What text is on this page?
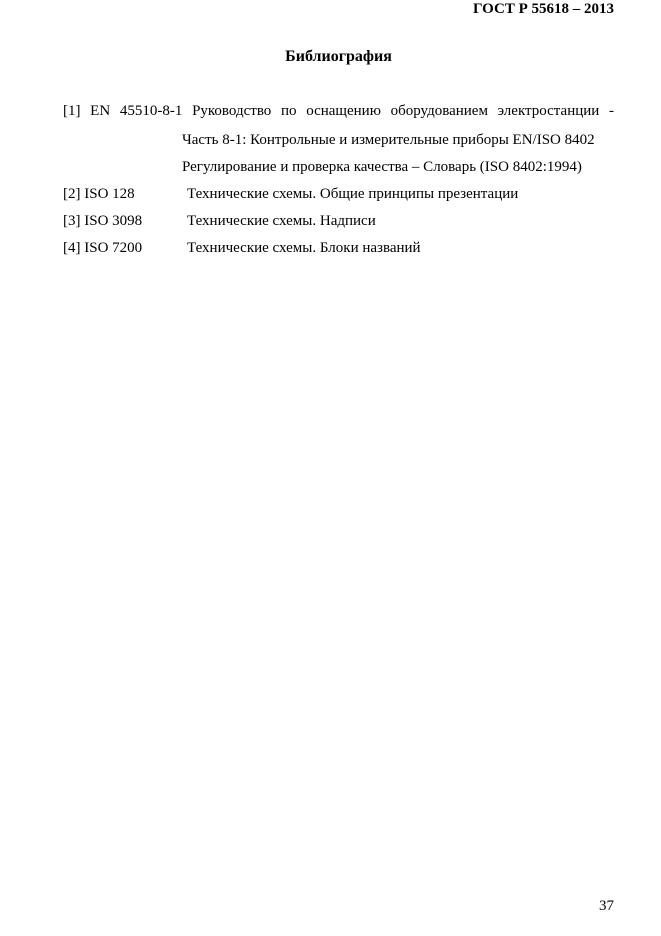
ГОСТ Р 55618 – 2013
Библиография
[1] EN 45510-8-1 Руководство по оснащению оборудованием электростанции -
Часть 8-1: Контрольные и измерительные приборы EN/ISO 8402
Регулирование и проверка качества – Словарь (ISO 8402:1994)
[2] ISO 128	Технические схемы. Общие принципы презентации
[3] ISO 3098	Технические схемы. Надписи
[4] ISO 7200	Технические схемы. Блоки названий
37
